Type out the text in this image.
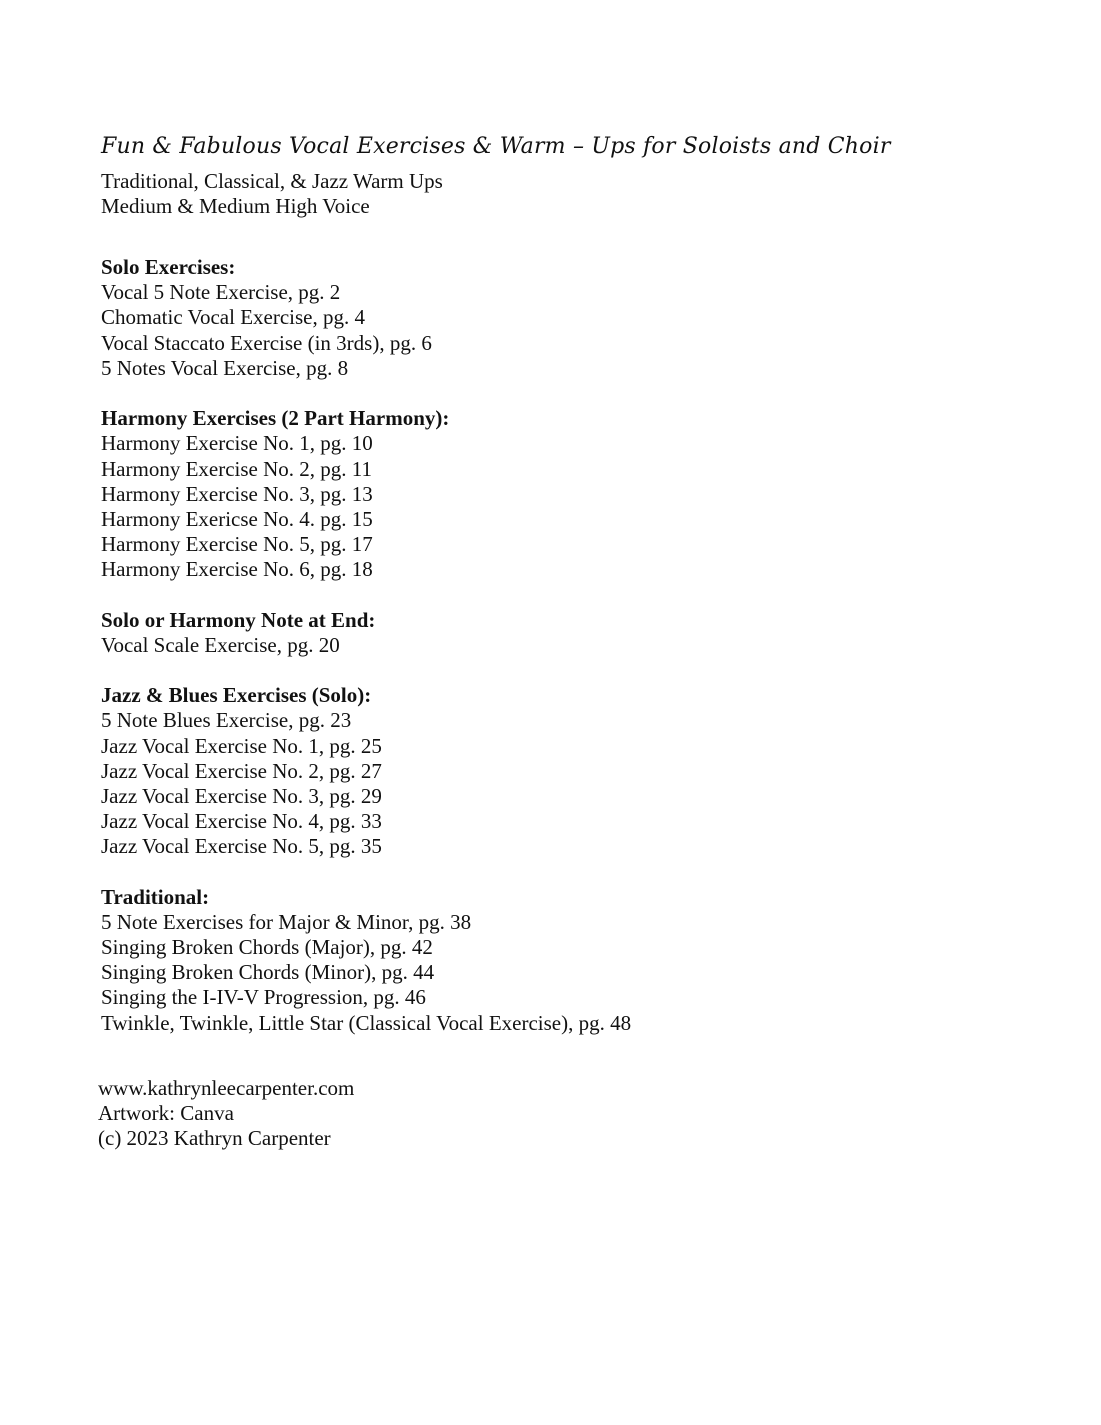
Fun & Fabulous Vocal Exercises & Warm – Ups for Soloists and Choir
Traditional, Classical, & Jazz Warm Ups
Medium & Medium High Voice
Solo Exercises:
Vocal 5 Note Exercise, pg. 2
Chomatic Vocal Exercise, pg. 4
Vocal Staccato Exercise (in 3rds), pg. 6
5 Notes Vocal Exercise, pg. 8
Harmony Exercises (2 Part Harmony):
Harmony Exercise No. 1, pg. 10
Harmony Exercise No. 2, pg. 11
Harmony Exercise No. 3, pg. 13
Harmony Exericse No. 4. pg. 15
Harmony Exercise No. 5, pg. 17
Harmony Exercise No. 6, pg. 18
Solo or Harmony Note at End:
Vocal Scale Exercise, pg. 20
Jazz & Blues Exercises (Solo):
5 Note Blues Exercise, pg. 23
Jazz Vocal Exercise No. 1, pg. 25
Jazz Vocal Exercise No. 2, pg. 27
Jazz Vocal Exercise No. 3, pg. 29
Jazz Vocal Exercise No. 4, pg. 33
Jazz Vocal Exercise No. 5, pg. 35
Traditional:
5 Note Exercises for Major & Minor, pg. 38
Singing Broken Chords (Major), pg. 42
Singing Broken Chords (Minor), pg. 44
Singing the I-IV-V Progression, pg. 46
Twinkle, Twinkle, Little Star (Classical Vocal Exercise), pg. 48
www.kathrynleecarpenter.com
Artwork: Canva
(c) 2023 Kathryn Carpenter
